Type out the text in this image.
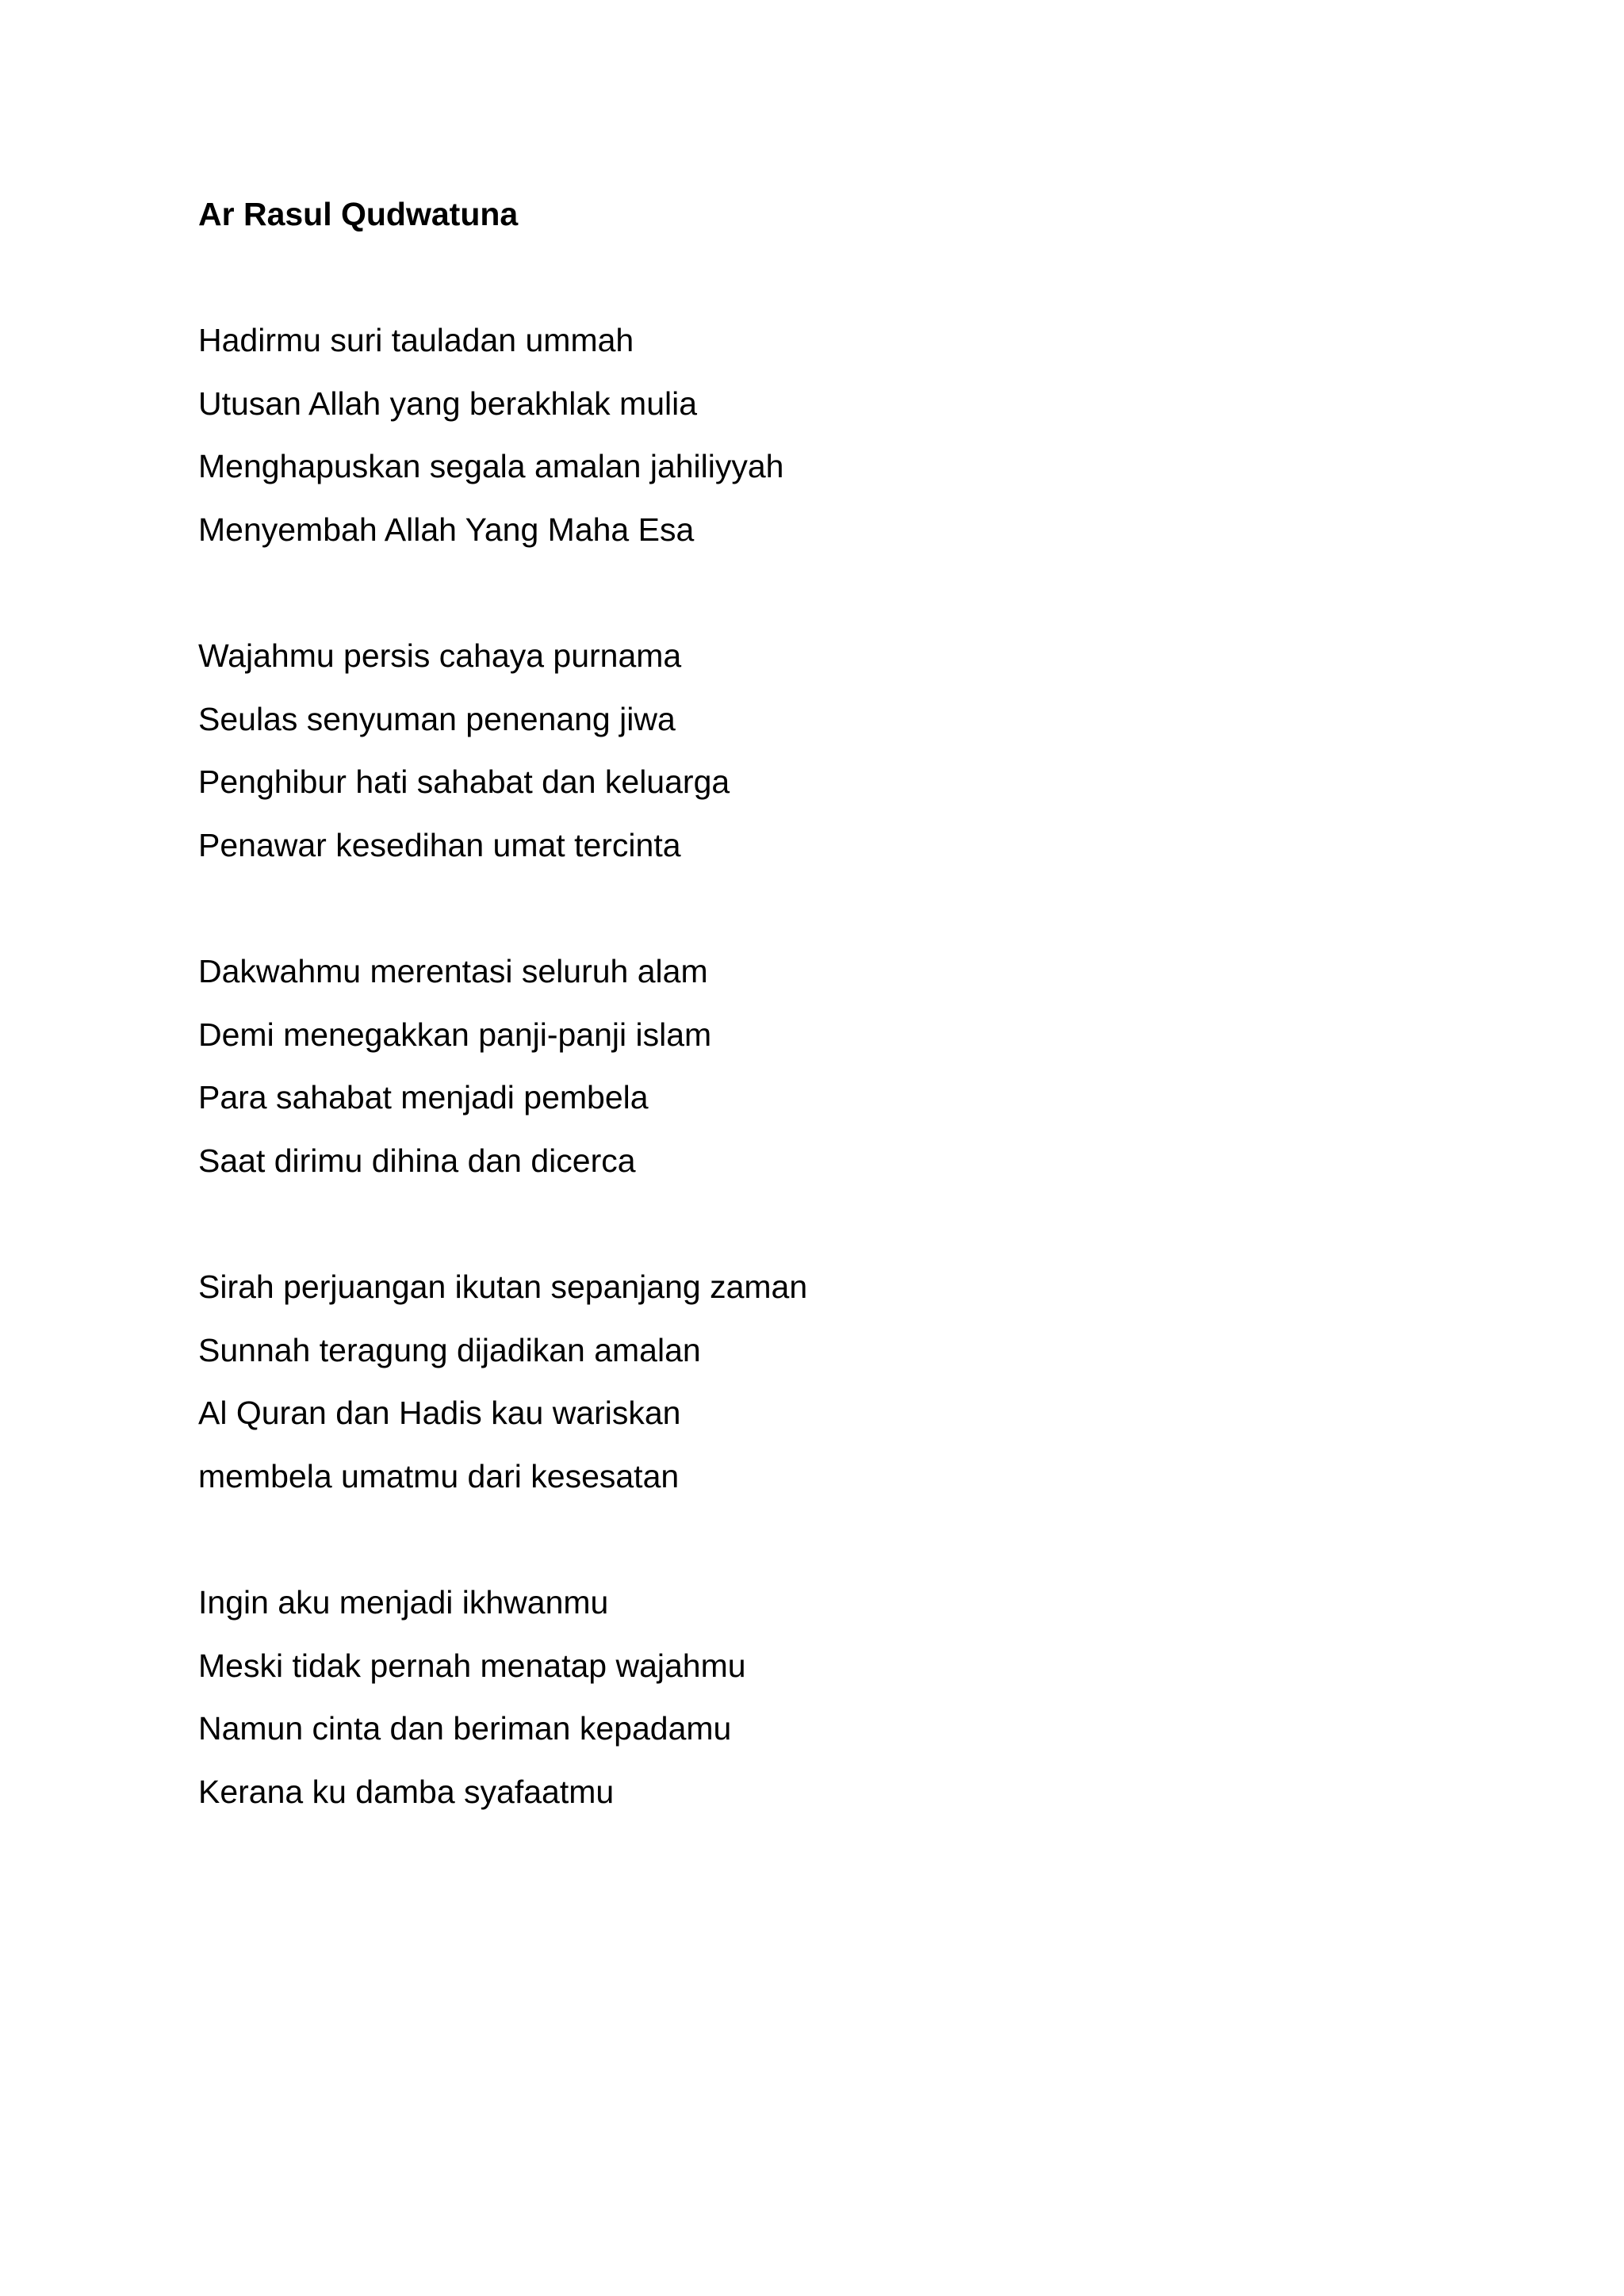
Ar Rasul Qudwatuna
Hadirmu suri tauladan ummah
Utusan Allah yang berakhlak mulia
Menghapuskan segala amalan jahiliyyah
Menyembah Allah Yang Maha Esa
Wajahmu persis cahaya purnama
Seulas senyuman penenang jiwa
Penghibur hati sahabat dan keluarga
Penawar kesedihan umat tercinta
Dakwahmu merentasi seluruh alam
Demi menegakkan panji-panji islam
Para sahabat menjadi pembela
Saat dirimu dihina dan dicerca
Sirah perjuangan ikutan sepanjang zaman
Sunnah teragung dijadikan amalan
Al Quran dan Hadis kau wariskan
membela umatmu dari kesesatan
Ingin aku menjadi ikhwanmu
Meski tidak pernah menatap wajahmu
Namun cinta dan beriman kepadamu
Kerana ku damba syafaatmu
